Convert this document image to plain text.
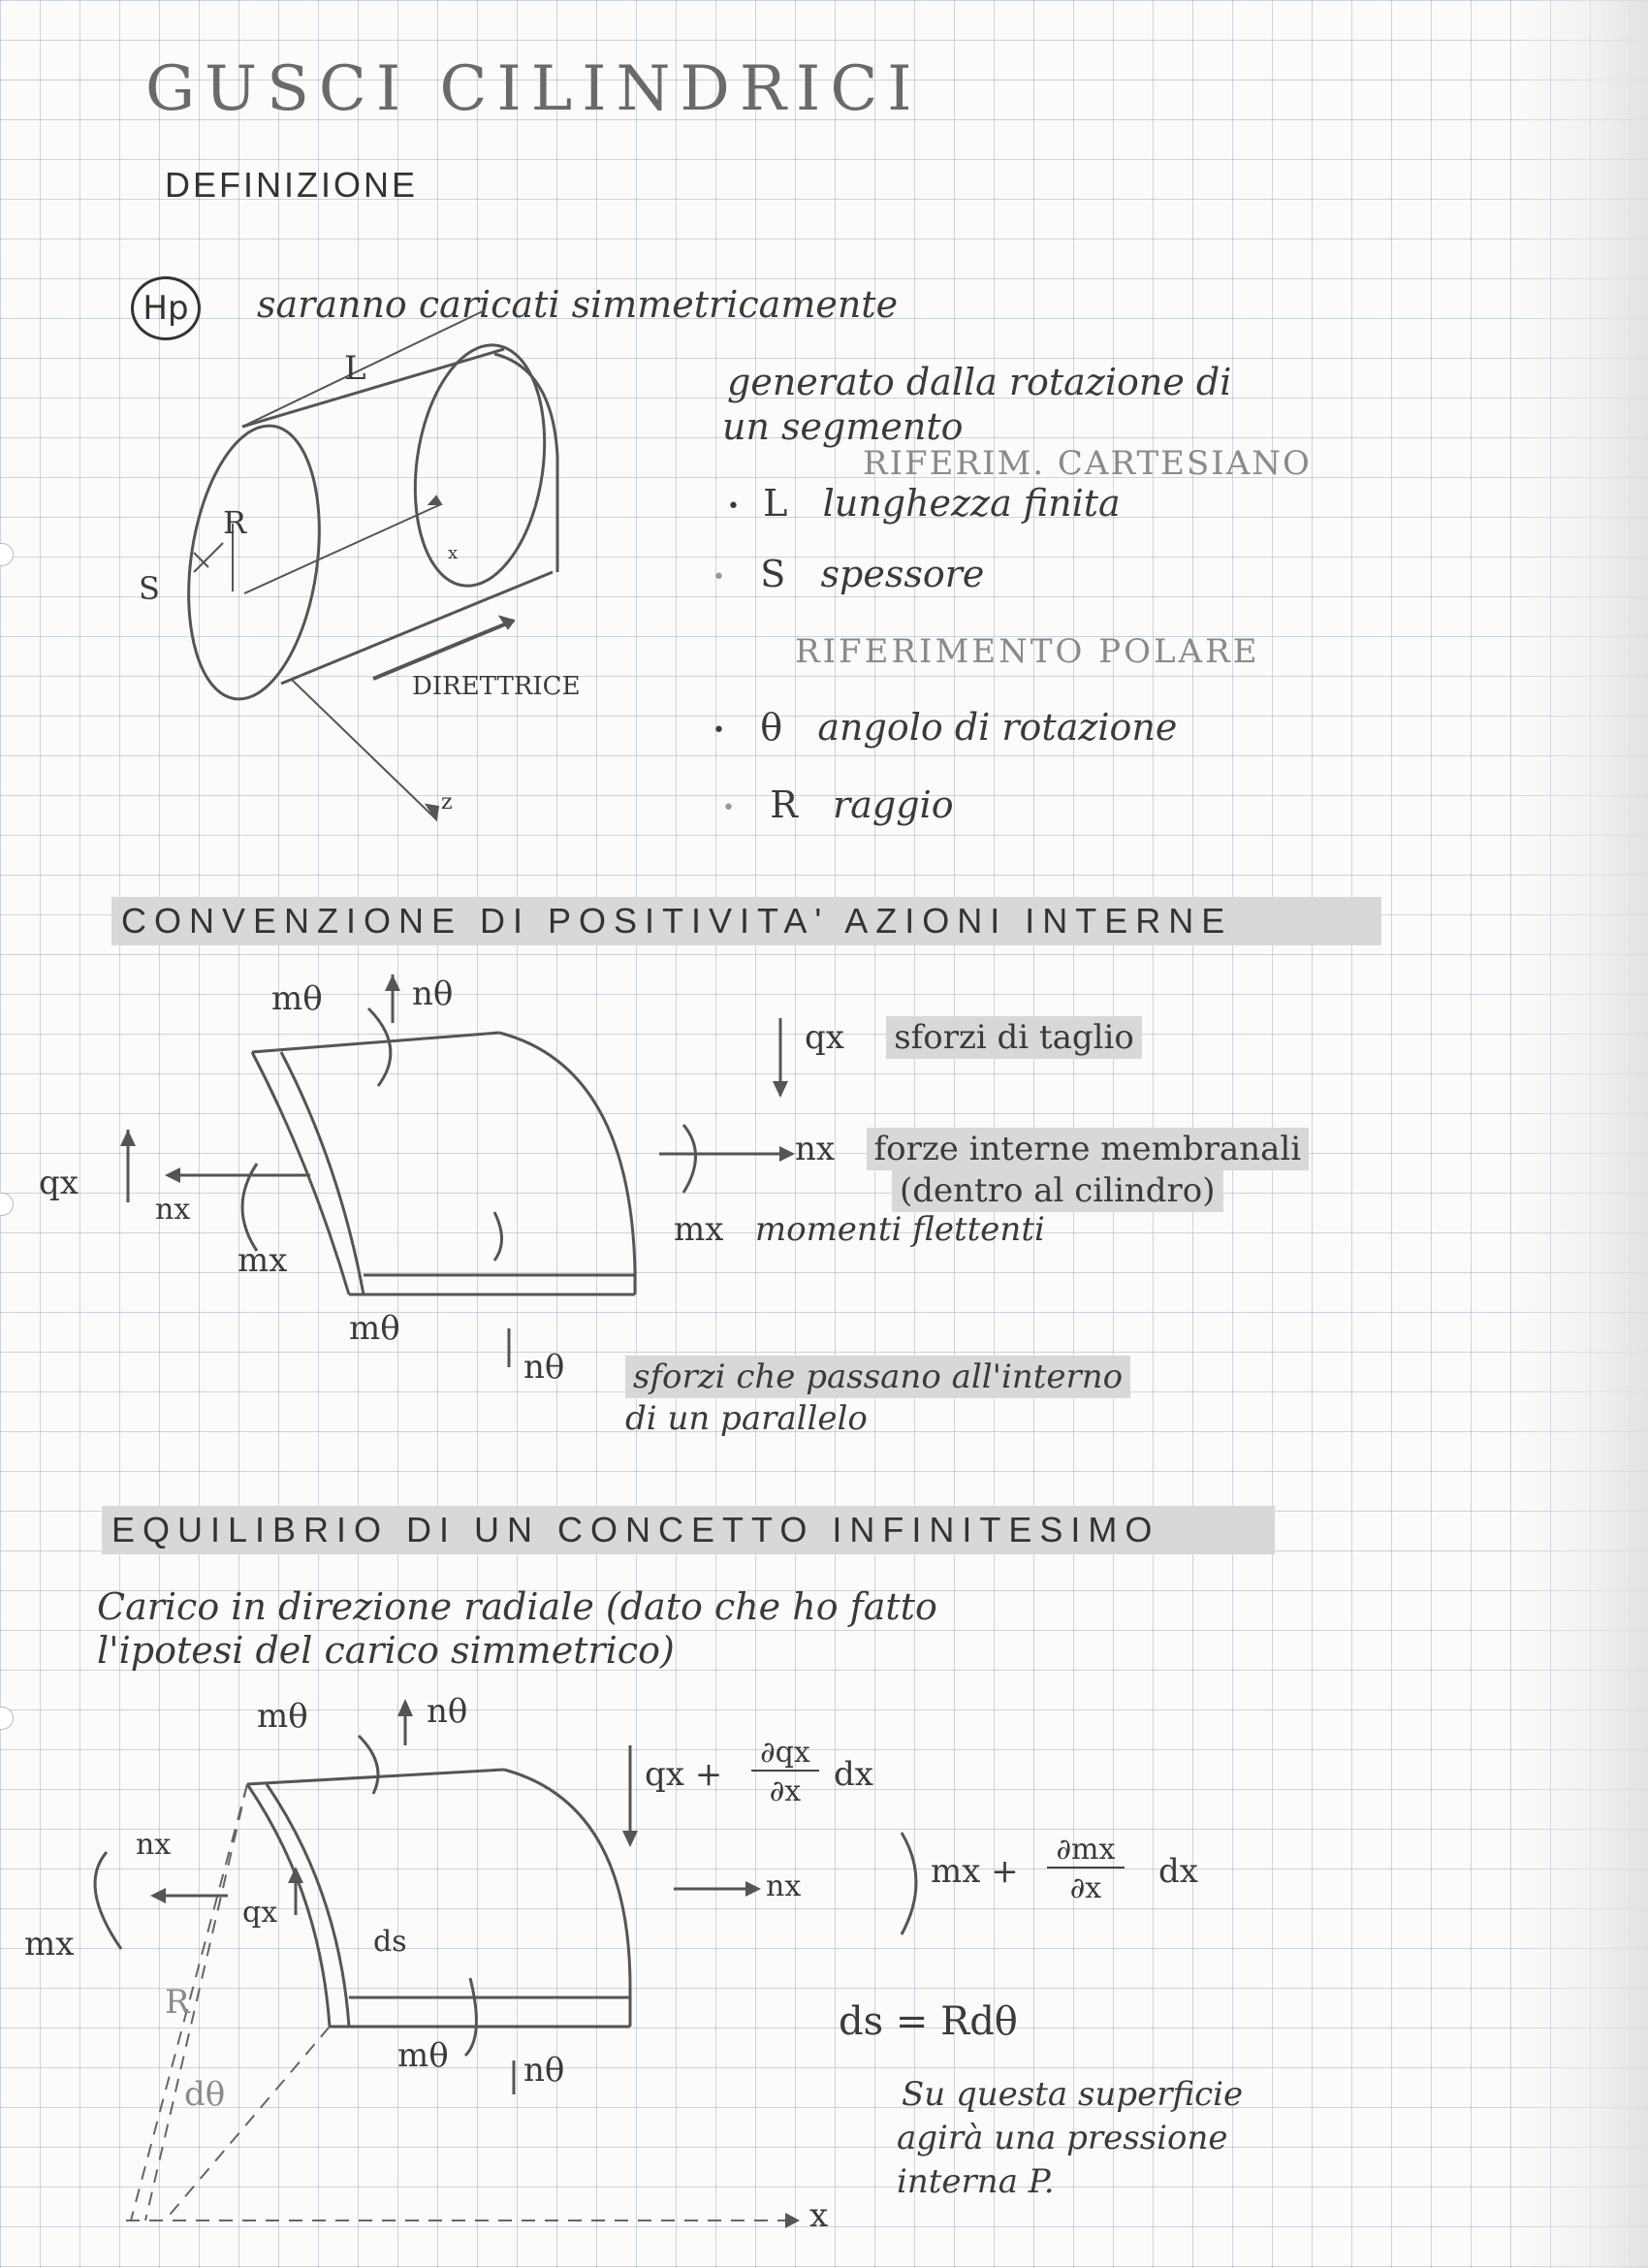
GUSCI CILINDRICI
DEFINIZIONE
Hp	saranno caricati simmetricamente
generato dalla rotazione di
un segmento
RIFERIM. CARTESIANO
• L lunghezza finita
• S spessore
RIFERIMENTO POLARE
• θ angolo di rotazione
• R raggio
L
R
S
x
z
DIRETTRICE
CONVENZIONE DI POSITIVITA' AZIONI INTERNE
mθ	nθ
qx
nx
mx
mθ
nθ
qx sforzi di taglio
nx forze interne membranali
(dentro al cilindro)
mx momenti flettenti
sforzi che passano all'interno
di un parallelo
EQUILIBRIO DI UN CONCETTO INFINITESIMO
Carico in direzione radiale (dato che ho fatto
l'ipotesi del carico simmetrico)
mθ	nθ
qx +
∂qx
∂x dx
nx
mx
qx
ds
nx	mx +
∂mx
∂x	dx
R
dθ
mθ nθ
x
ds = Rdθ
Su questa superficie
agirà una pressione
interna P.
